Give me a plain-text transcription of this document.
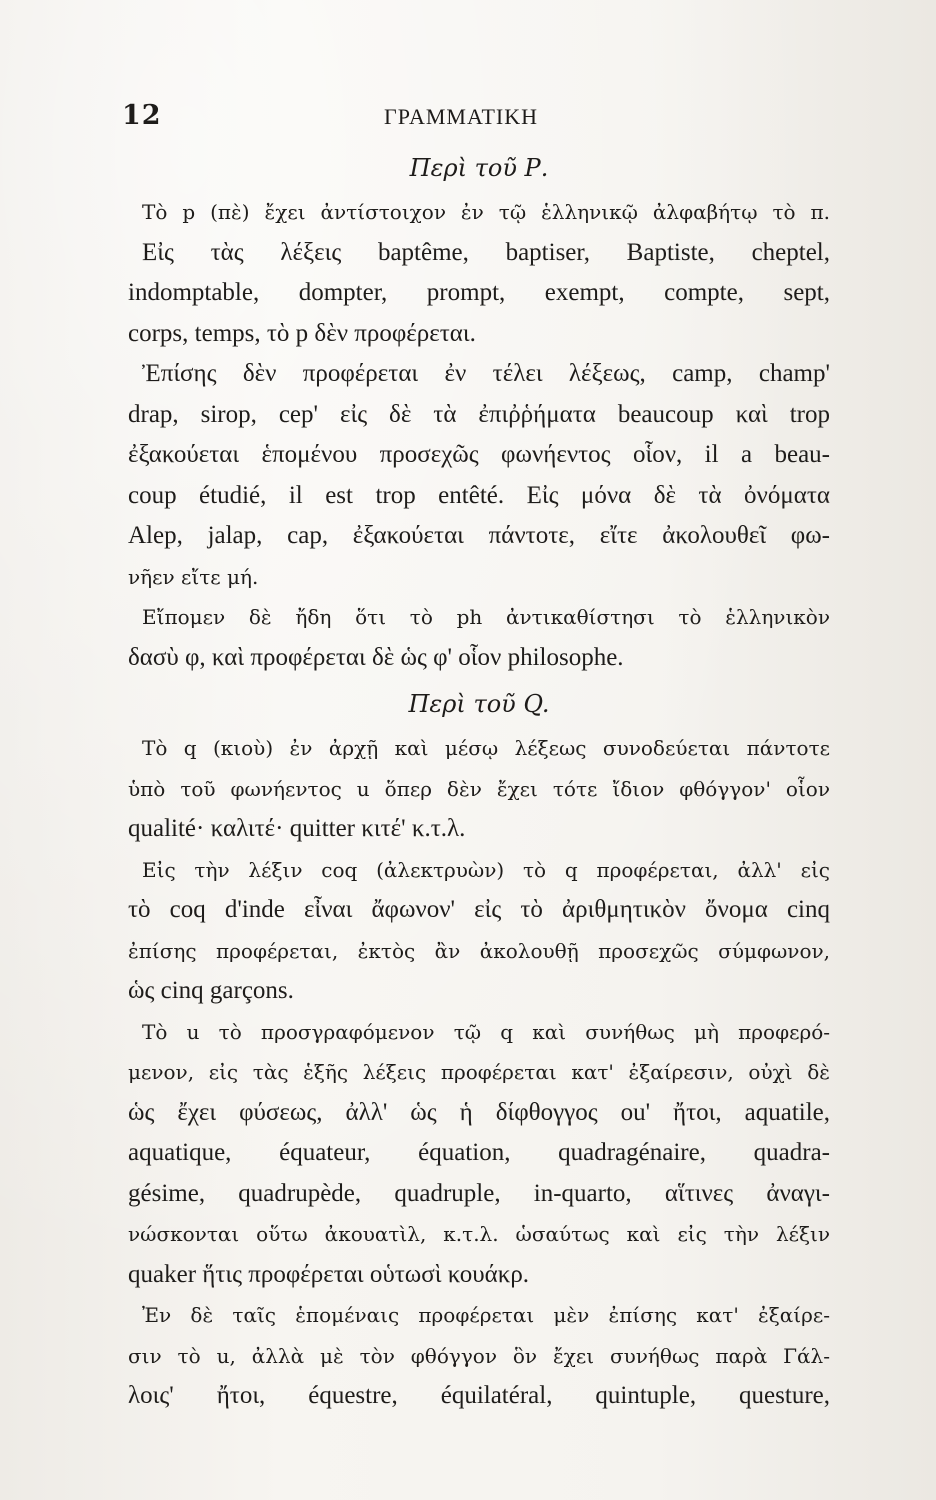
12	ΓΡΑΜΜΑΤΙΚΗ
Περὶ τοῦ Ρ.
Τὸ p (πὲ) ἔχει ἀντίστοιχον ἐν τῷ ἑλληνικῷ ἀλφαβήτῳ τὸ π.
Εἰς τὰς λέξεις baptême, baptiser, Baptiste, cheptel,
indomptable, dompter, prompt, exempt, compte, sept,
corps, temps, τὸ p δὲν προφέρεται.
Ἐπίσης δὲν προφέρεται ἐν τέλει λέξεως, camp, champ'
drap, sirop, cep' εἰς δὲ τὰ ἐπιῤῥήματα beaucoup καὶ trop
ἐξακούεται ἑπομένου προσεχῶς φωνήεντος οἷον, il a beau-
coup étudié, il est trop entêté. Εἰς μόνα δὲ τὰ ὀνόματα
Alep, jalap, cap, ἐξακούεται πάντοτε, εἴτε ἀκολουθεῖ φω-
νῆεν εἴτε μή.
Εἴπομεν δὲ ἤδη ὅτι τὸ ph ἀντικαθίστησι τὸ ἑλληνικὸν
δασὺ φ, καὶ προφέρεται δὲ ὡς φ' οἷον philosophe.
Περὶ τοῦ Q.
Τὸ q (κιοὺ) ἐν ἀρχῇ καὶ μέσῳ λέξεως συνοδεύεται πάντοτε
ὑπὸ τοῦ φωνήεντος u ὅπερ δὲν ἔχει τότε ἴδιον φθόγγον' οἷον
qualité· καλιτέ· quitter κιτέ' κ.τ.λ.
Εἰς τὴν λέξιν coq (ἀλεκτρυὼν) τὸ q προφέρεται, ἀλλ' εἰς
τὸ coq d'inde εἶναι ἄφωνον' εἰς τὸ ἀριθμητικὸν ὄνομα cinq
ἐπίσης προφέρεται, ἐκτὸς ἂν ἀκολουθῇ προσεχῶς σύμφωνον,
ὡς cinq garçons.
Τὸ u τὸ προσγραφόμενον τῷ q καὶ συνήθως μὴ προφερό-
μενον, εἰς τὰς ἑξῆς λέξεις προφέρεται κατ' ἐξαίρεσιν, οὐχὶ δὲ
ὡς ἔχει φύσεως, ἀλλ' ὡς ἡ δίφθογγος ou' ἤτοι, aquatile,
aquatique, équateur, équation, quadragénaire, quadra-
gésime, quadrupède, quadruple, in-quarto, αἵτινες ἀναγι-
νώσκονται οὕτω ἀκουατὶλ, κ.τ.λ. ὡσαύτως καὶ εἰς τὴν λέξιν
quaker ἥτις προφέρεται οὑτωσὶ κουάκρ.
Ἐν δὲ ταῖς ἑπομέναις προφέρεται μὲν ἐπίσης κατ' ἐξαίρε-
σιν τὸ u, ἀλλὰ μὲ τὸν φθόγγον ὃν ἔχει συνήθως παρὰ Γάλ-
λοις' ἤτοι, équestre, équilatéral, quintuple, questure,
